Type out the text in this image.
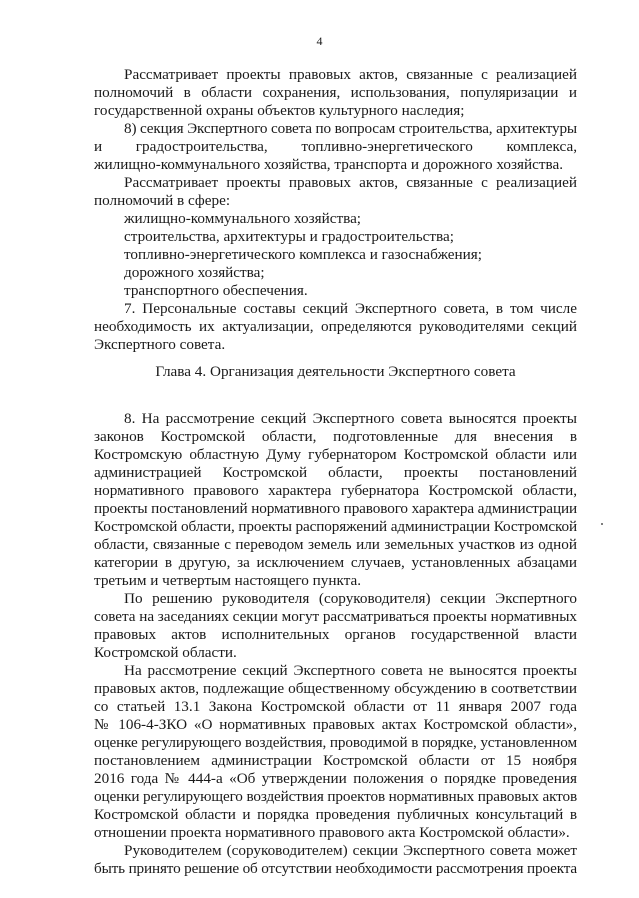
4
Рассматривает проекты правовых актов, связанные с реализацией
полномочий в области сохранения, использования, популяризации и
государственной охраны объектов культурного наследия;
8) секция Экспертного совета по вопросам строительства, архитектуры
и градостроительства, топливно-энергетического комплекса,
жилищно-коммунального хозяйства, транспорта и дорожного хозяйства.
Рассматривает проекты правовых актов, связанные с реализацией
полномочий в сфере:
жилищно-коммунального хозяйства;
строительства, архитектуры и градостроительства;
топливно-энергетического комплекса и газоснабжения;
дорожного хозяйства;
транспортного обеспечения.
7. Персональные составы секций Экспертного совета, в том числе
необходимость их актуализации, определяются руководителями секций
Экспертного совета.
Глава 4. Организация деятельности Экспертного совета
8. На рассмотрение секций Экспертного совета выносятся проекты
законов Костромской области, подготовленные для внесения в
Костромскую областную Думу губернатором Костромской области или
администрацией Костромской области, проекты постановлений
нормативного правового характера губернатора Костромской области,
проекты постановлений нормативного правового характера администрации
Костромской области, проекты распоряжений администрации Костромской
области, связанные с переводом земель или земельных участков из одной
категории в другую, за исключением случаев, установленных абзацами
третьим и четвертым настоящего пункта.
По решению руководителя (соруководителя) секции Экспертного
совета на заседаниях секции могут рассматриваться проекты нормативных
правовых актов исполнительных органов государственной власти
Костромской области.
На рассмотрение секций Экспертного совета не выносятся проекты
правовых актов, подлежащие общественному обсуждению в соответствии
со статьей 13.1 Закона Костромской области от 11 января 2007 года
№ 106-4-ЗКО «О нормативных правовых актах Костромской области»,
оценке регулирующего воздействия, проводимой в порядке, установленном
постановлением администрации Костромской области от 15 ноября
2016 года № 444-а «Об утверждении положения о порядке проведения
оценки регулирующего воздействия проектов нормативных правовых актов
Костромской области и порядка проведения публичных консультаций в
отношении проекта нормативного правового акта Костромской области».
Руководителем (соруководителем) секции Экспертного совета может
быть принято решение об отсутствии необходимости рассмотрения проекта
